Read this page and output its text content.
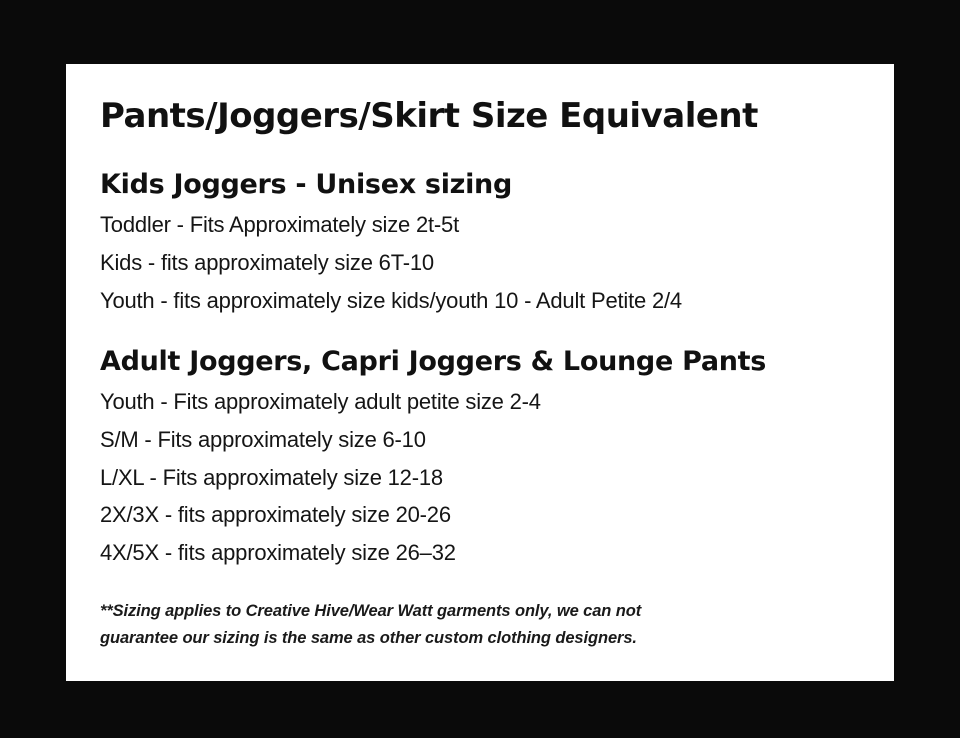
Pants/Joggers/Skirt Size Equivalent
Kids Joggers - Unisex sizing
Toddler - Fits Approximately size 2t-5t
Kids - fits approximately size 6T-10
Youth - fits approximately size kids/youth 10 - Adult Petite 2/4
Adult Joggers, Capri Joggers & Lounge Pants
Youth - Fits approximately adult petite size 2-4
S/M - Fits approximately size 6-10
L/XL - Fits approximately size 12-18
2X/3X - fits approximately size 20-26
4X/5X - fits approximately size 26–32
**Sizing applies to Creative Hive/Wear Watt garments only, we can not
guarantee our sizing is the same as other custom clothing designers.
